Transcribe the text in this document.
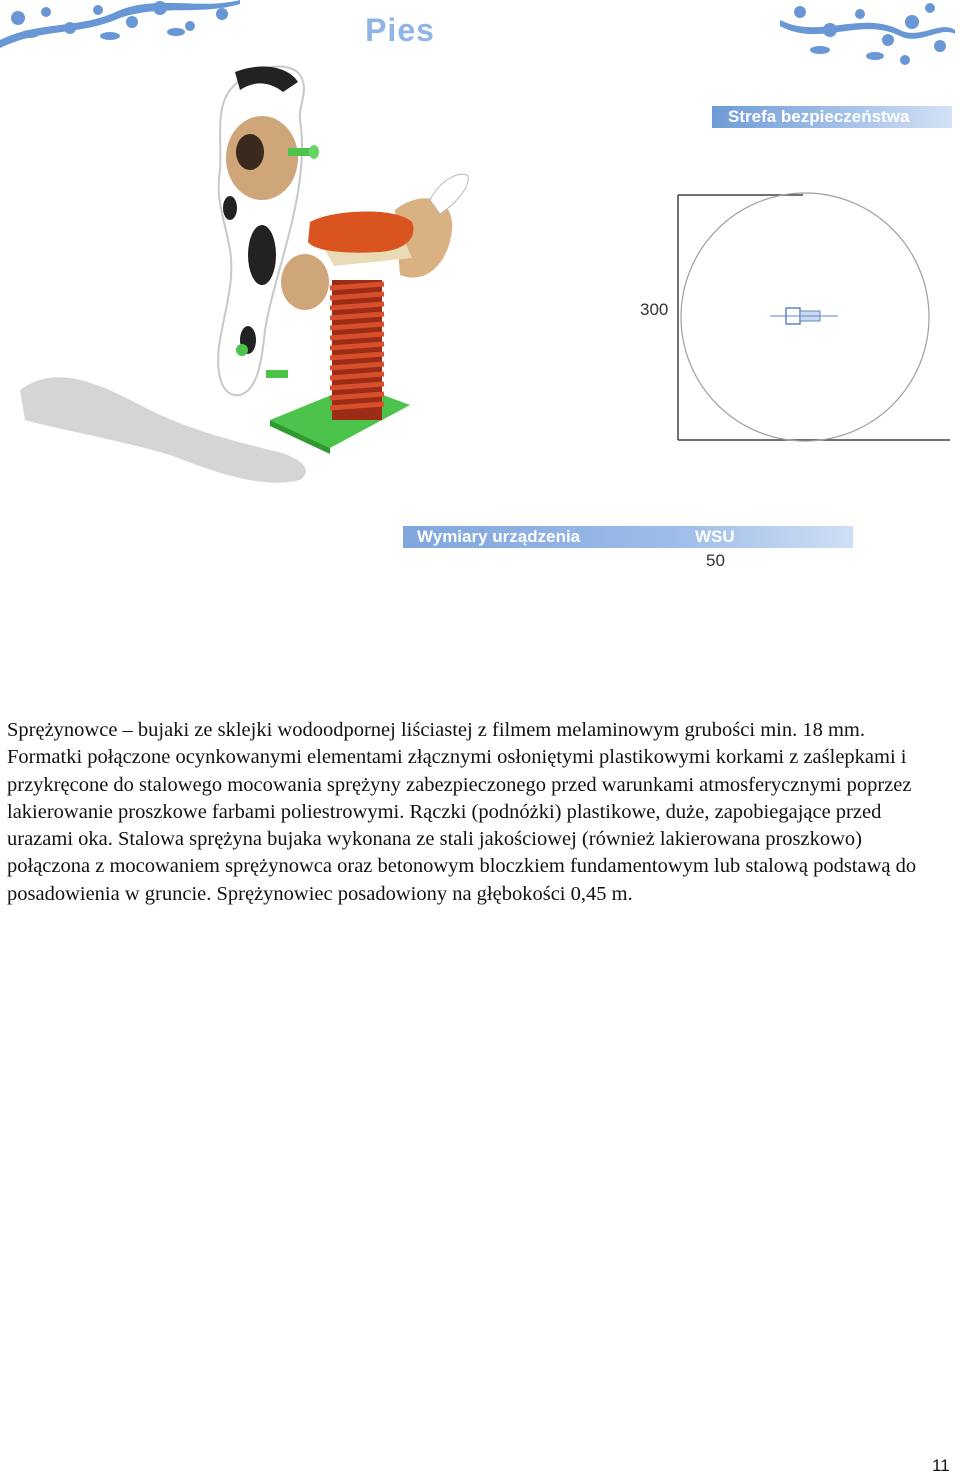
Pies
Strefa bezpieczeństwa
300
Wymiary urządzenia	WSU
50

Sprężynowce – bujaki ze sklejki wodoodpornej liściastej z filmem melaminowym grubości min. 18 mm.

Formatki połączone ocynkowanymi elementami złącznymi osłoniętymi plastikowymi korkami z zaślepkami i przykręcone do stalowego mocowania sprężyny zabezpieczonego przed warunkami atmosferycznymi poprzez lakierowanie proszkowe farbami poliestrowymi. Rączki (podnóżki) plastikowe, duże, zapobiegające przed urazami oka. Stalowa sprężyna bujaka wykonana ze stali jakościowej (również lakierowana proszkowo) połączona z mocowaniem sprężynowca oraz betonowym bloczkiem fundamentowym lub stalową podstawą do posadowienia w gruncie. Sprężynowiec posadowiony na głębokości 0,45 m.

11
